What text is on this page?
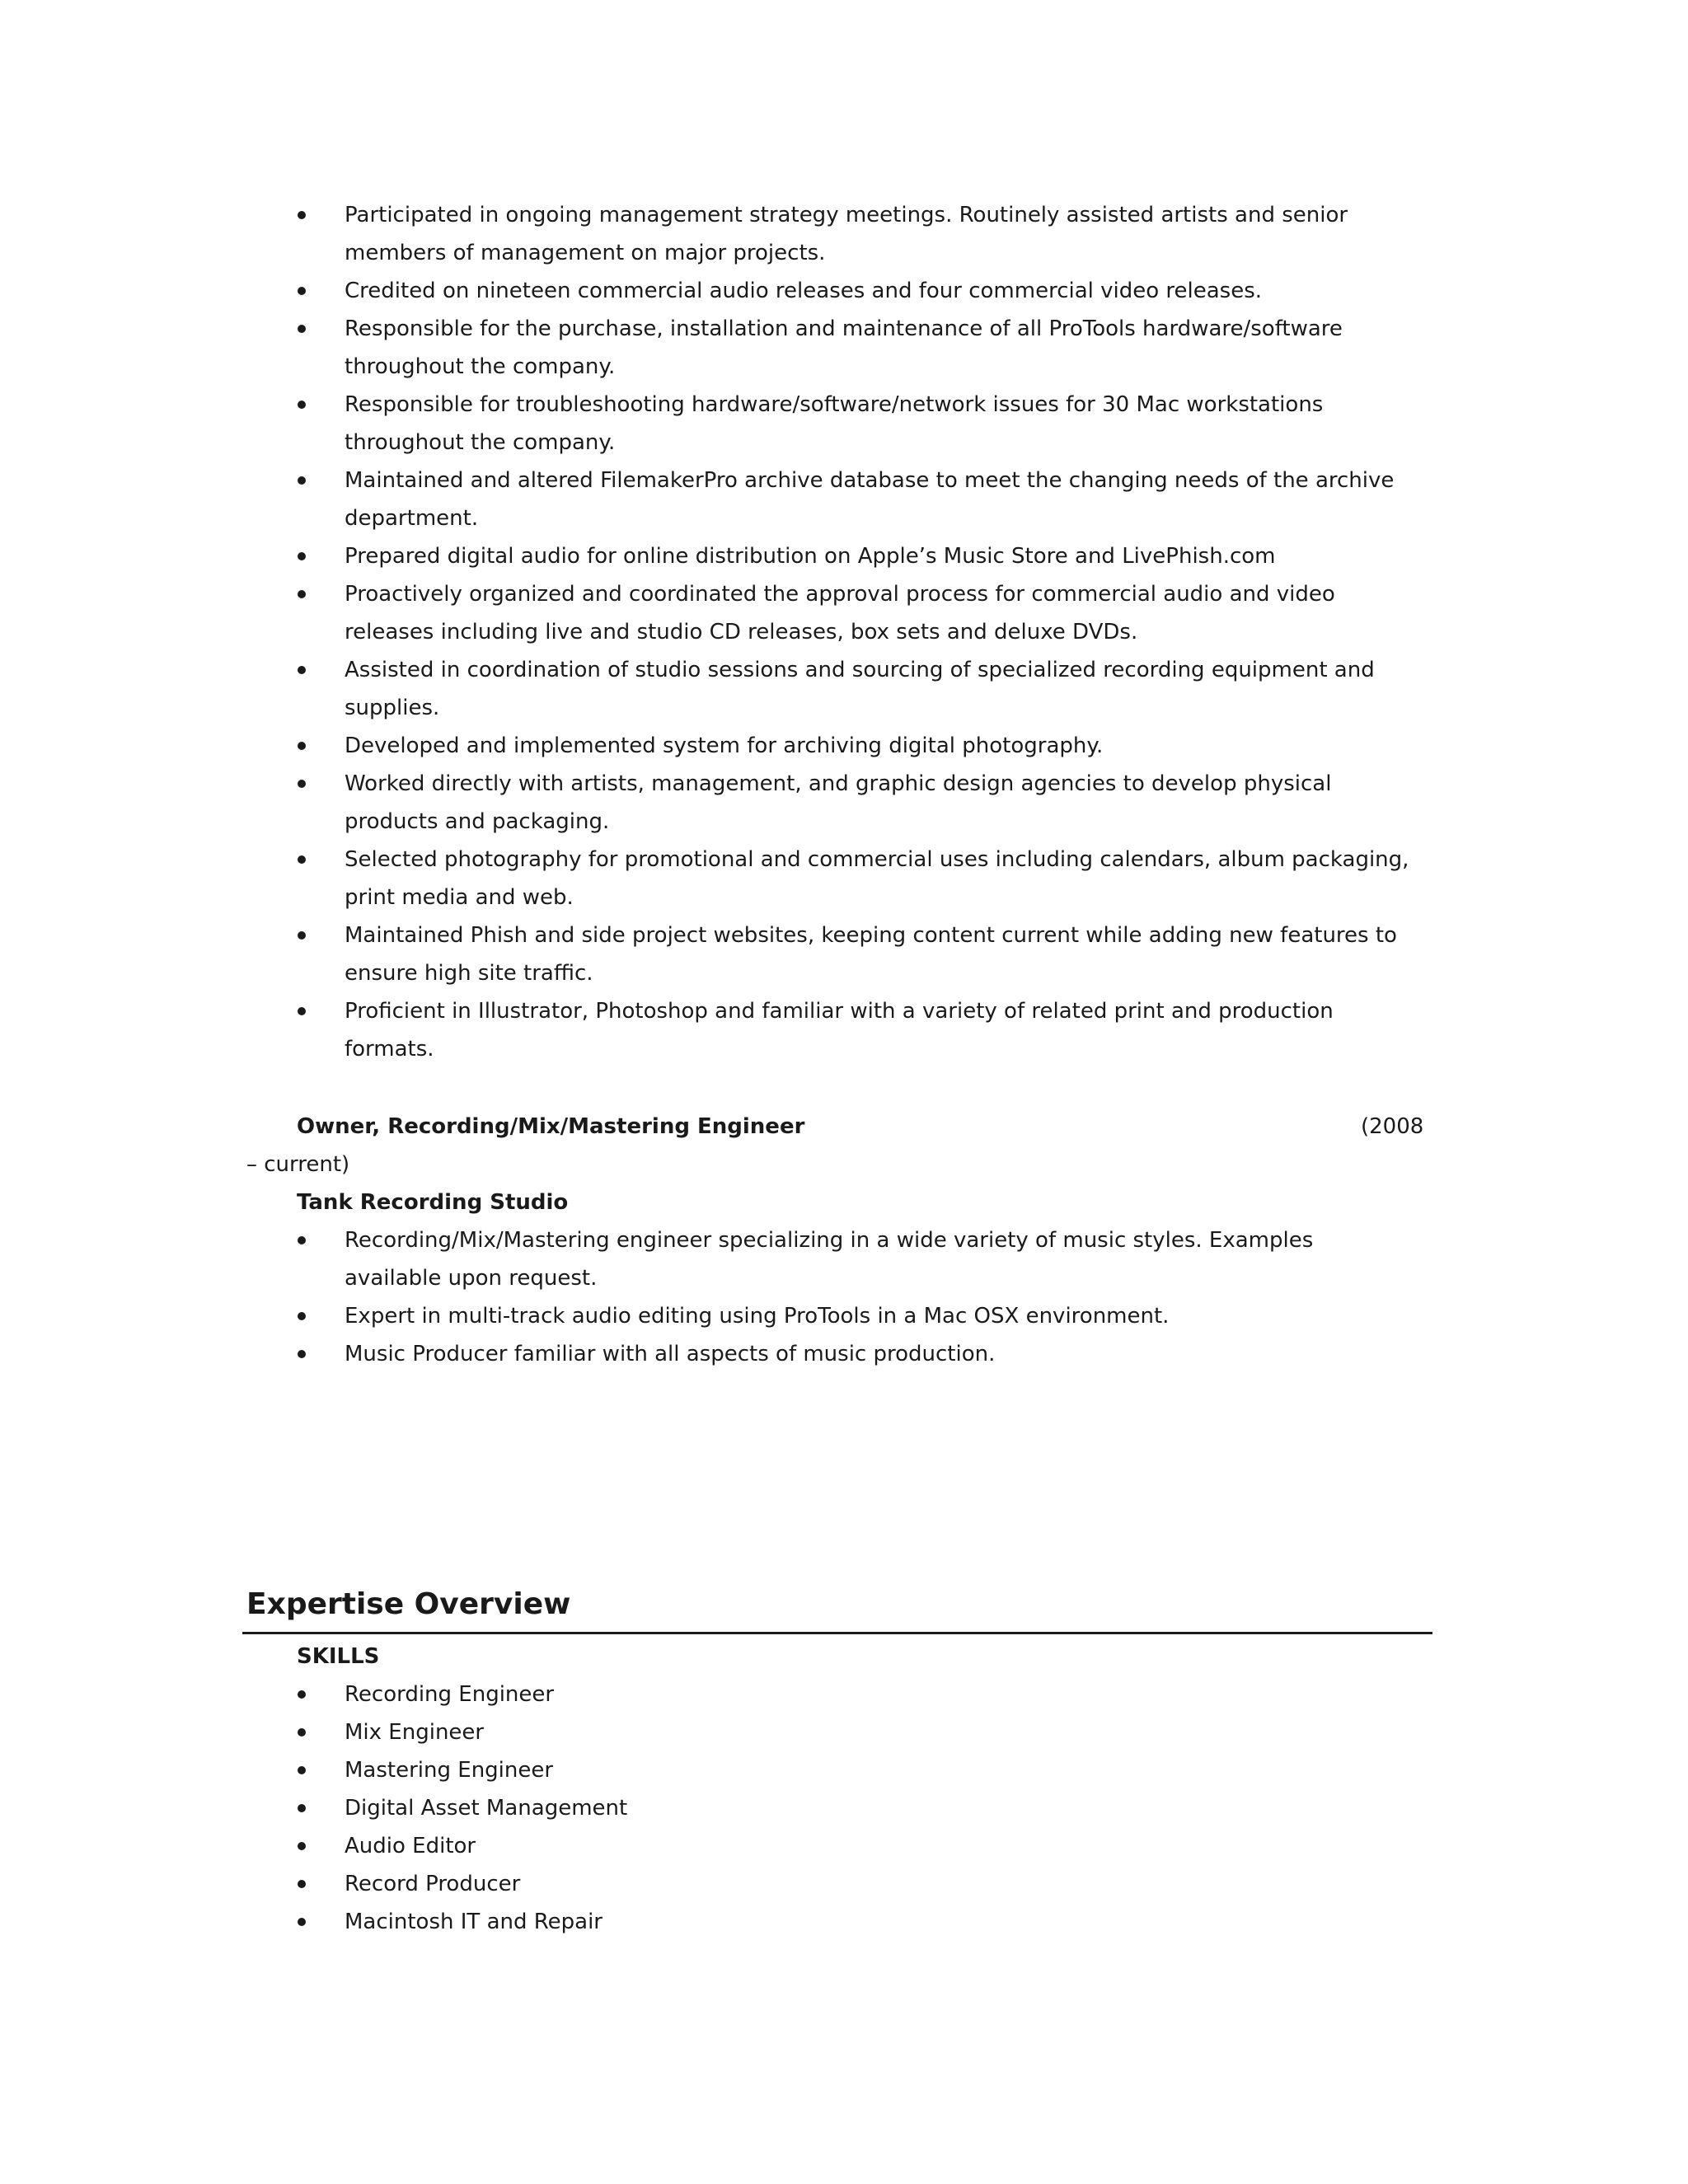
Participated in ongoing management strategy meetings. Routinely assisted artists and senior members of management on major projects.
Credited on nineteen commercial audio releases and four commercial video releases.
Responsible for the purchase, installation and maintenance of all ProTools hardware/software throughout the company.
Responsible for troubleshooting hardware/software/network issues for 30 Mac workstations throughout the company.
Maintained and altered FilemakerPro archive database to meet the changing needs of the archive department.
Prepared digital audio for online distribution on Apple’s Music Store and LivePhish.com
Proactively organized and coordinated the approval process for commercial audio and video releases including live and studio CD releases, box sets and deluxe DVDs.
Assisted in coordination of studio sessions and sourcing of specialized recording equipment and supplies.
Developed and implemented system for archiving digital photography.
Worked directly with artists, management, and graphic design agencies to develop physical products and packaging.
Selected photography for promotional and commercial uses including calendars, album packaging, print media and web.
Maintained Phish and side project websites, keeping content current while adding new features to ensure high site traffic.
Proficient in Illustrator, Photoshop and familiar with a variety of related print and production formats.
Owner, Recording/Mix/Mastering Engineer	(2008
– current)
Tank Recording Studio
Recording/Mix/Mastering engineer specializing in a wide variety of music styles. Examples available upon request.
Expert in multi-track audio editing using ProTools in a Mac OSX environment.
Music Producer familiar with all aspects of music production.
Expertise Overview
SKILLS
Recording Engineer
Mix Engineer
Mastering Engineer
Digital Asset Management
Audio Editor
Record Producer
Macintosh IT and Repair
